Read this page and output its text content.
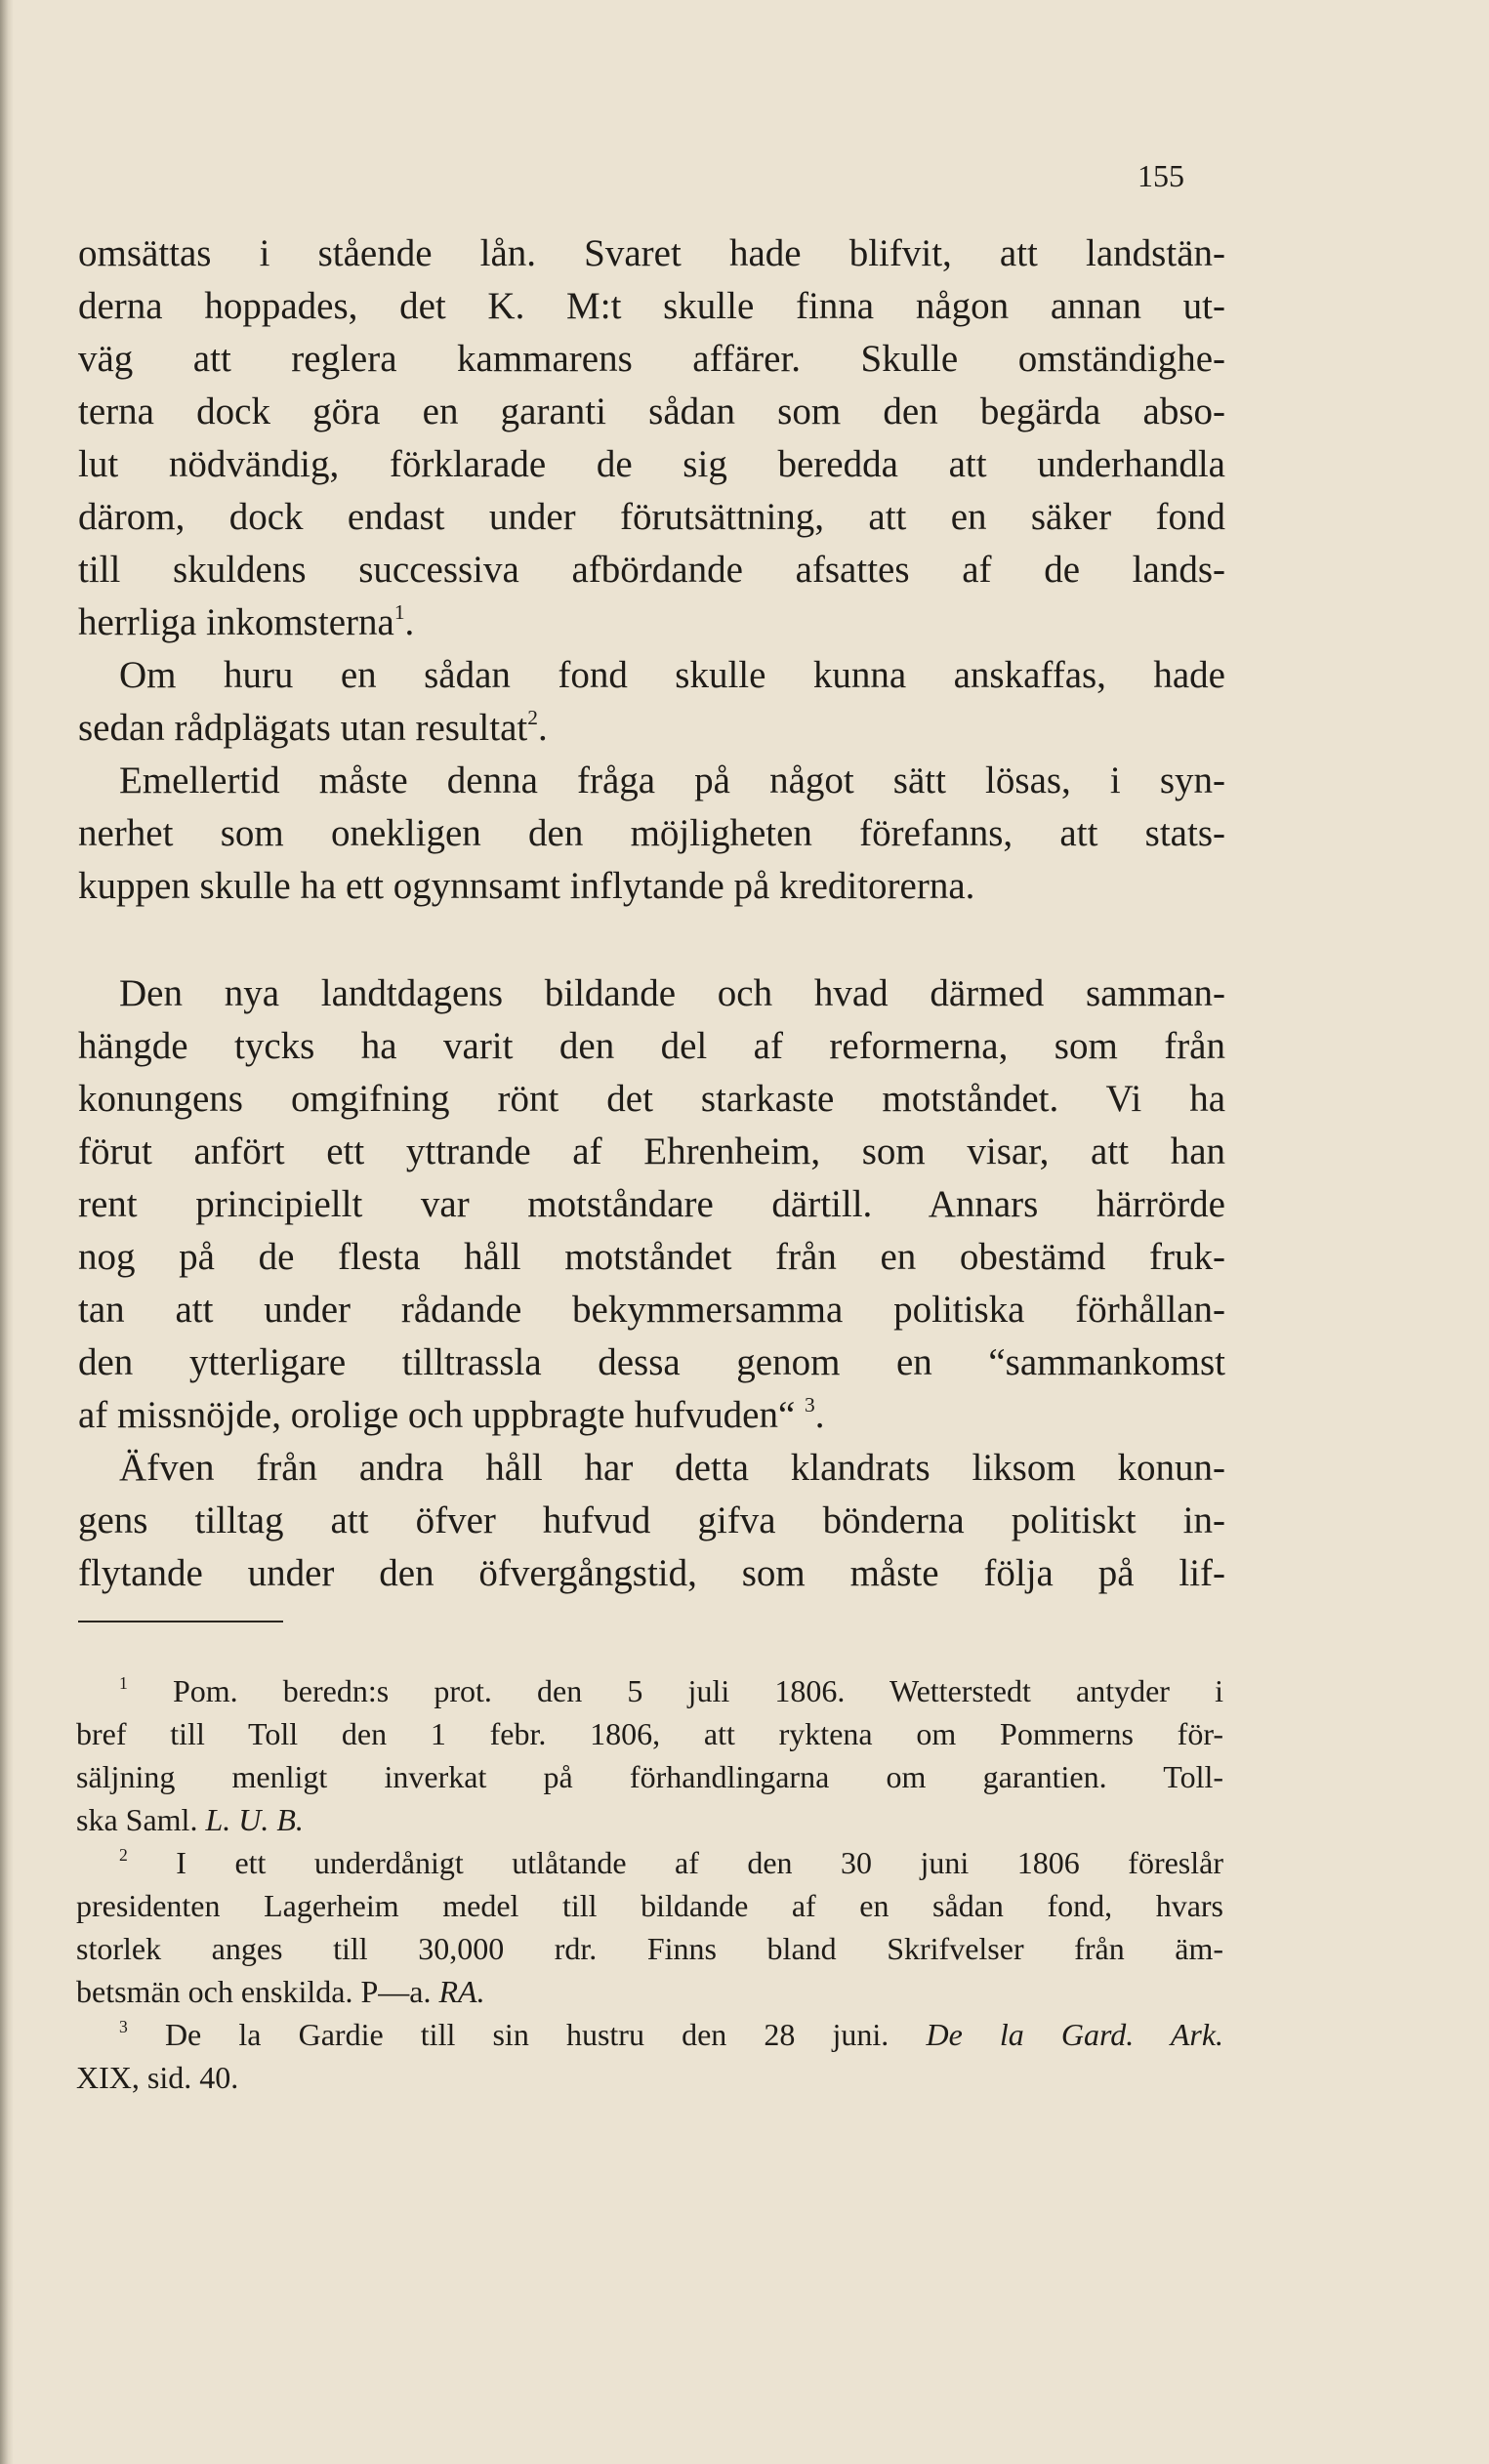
155
omsättas i stående lån. Svaret hade blifvit, att landstän-
derna hoppades, det K. M:t skulle finna någon annan ut-
väg att reglera kammarens affärer. Skulle omständighe-
terna dock göra en garanti sådan som den begärda abso-
lut nödvändig, förklarade de sig beredda att underhandla
därom, dock endast under förutsättning, att en säker fond
till skuldens successiva afbördande afsattes af de lands-
herrliga inkomsterna$^1$.
Om huru en sådan fond skulle kunna anskaffas, hade
sedan rådplägats utan resultat$^2$.
Emellertid måste denna fråga på något sätt lösas, i syn-
nerhet som onekligen den möjligheten förefanns, att stats-
kuppen skulle ha ett ogynnsamt inflytande på kreditorerna.
Den nya landtdagens bildande och hvad därmed samman-
hängde tycks ha varit den del af reformerna, som från
konungens omgifning rönt det starkaste motståndet. Vi ha
förut anfört ett yttrande af Ehrenheim, som visar, att han
rent principiellt var motståndare därtill. Annars härrörde
nog på de flesta håll motståndet från en obestämd fruk-
tan att under rådande bekymmersamma politiska förhållan-
den ytterligare tilltrassla dessa genom en “sammankomst
af missnöjde, orolige och uppbragte hufvuden“ $^3$.
Äfven från andra håll har detta klandrats liksom konun-
gens tilltag att öfver hufvud gifva bönderna politiskt in-
flytande under den öfvergångstid, som måste följa på lif-
$^1$ Pom. beredn:s prot. den 5 juli 1806. Wetterstedt antyder i
bref till Toll den 1 febr. 1806, att ryktena om Pommerns för-
säljning menligt inverkat på förhandlingarna om garantien. Toll-
ska Saml. L. U. B.
$^2$ I ett underdånigt utlåtande af den 30 juni 1806 föreslår
presidenten Lagerheim medel till bildande af en sådan fond, hvars
storlek anges till 30,000 rdr. Finns bland Skrifvelser från äm-
betsmän och enskilda. P—a. RA.
$^3$ De la Gardie till sin hustru den 28 juni. De la Gard. Ark.
XIX, sid. 40.
